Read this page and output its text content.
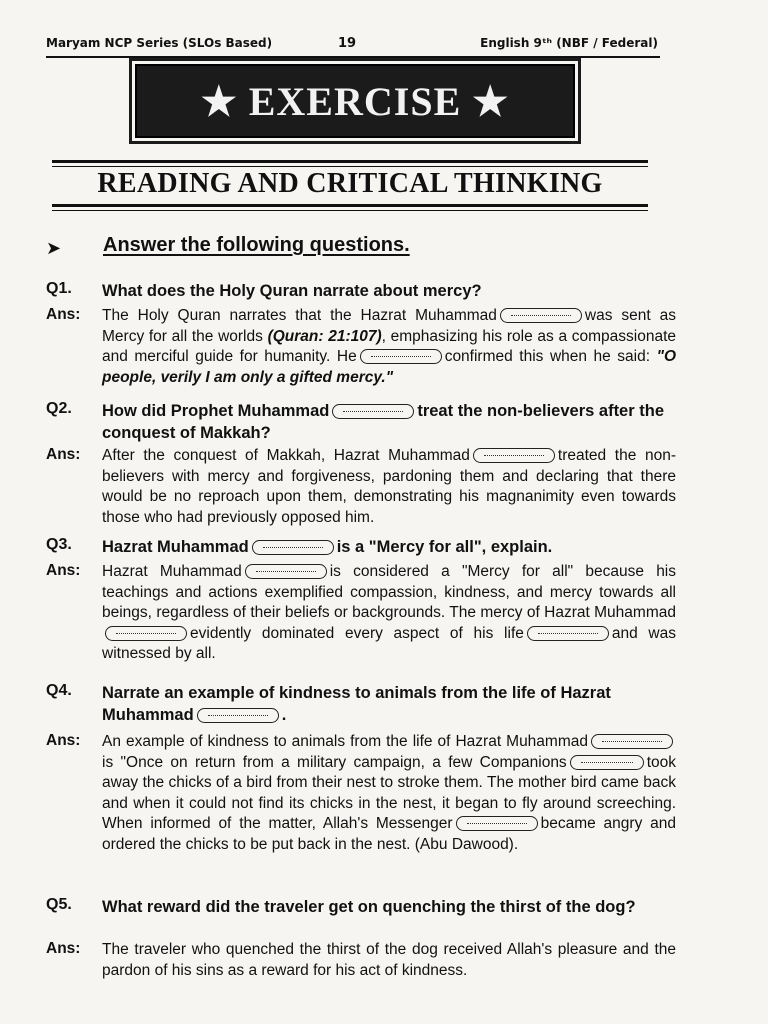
Maryam NCP Series (SLOs Based)	19	English 9ᵗʰ (NBF / Federal)
★ EXERCISE ★
READING AND CRITICAL THINKING
➤ Answer the following questions.
Q1. What does the Holy Quran narrate about mercy?
Ans: The Holy Quran narrates that the Hazrat Muhammad	was sent as Mercy for all the worlds (Quran: 21:107), emphasizing his role as a compassionate and merciful guide for humanity. He	confirmed this when he said: "O people, verily I am only a gifted mercy."
Q2. How did Prophet Muhammad	treat the non-believers after the conquest of Makkah?
Ans: After the conquest of Makkah, Hazrat Muhammad	treated the non-believers with mercy and forgiveness, pardoning them and declaring that there would be no reproach upon them, demonstrating his magnanimity even towards those who had previously opposed him.
Q3. Hazrat Muhammad	is a "Mercy for all", explain.
Ans: Hazrat Muhammad	is considered a "Mercy for all" because his teachings and actions exemplified compassion, kindness, and mercy towards all beings, regardless of their beliefs or backgrounds. The mercy of Hazrat Muhammadevidently dominated every aspect of his life	and was witnessed by all.
Q4. Narrate an example of kindness to animals from the life of Hazrat Muhammad	.
Ans: An example of kindness to animals from the life of Hazrat Muhammadis "Once on return from a military campaign, a few Companions	took away the chicks of a bird from their nest to stroke them. The mother bird came back and when it could not find its chicks in the nest, it began to fly around screeching. When informed of the matter, Allah's Messenger	became angry and ordered the chicks to be put back in the nest. (Abu Dawood).
Q5. What reward did the traveler get on quenching the thirst of the dog?
Ans: The traveler who quenched the thirst of the dog received Allah's pleasure and the pardon of his sins as a reward for his act of kindness.
